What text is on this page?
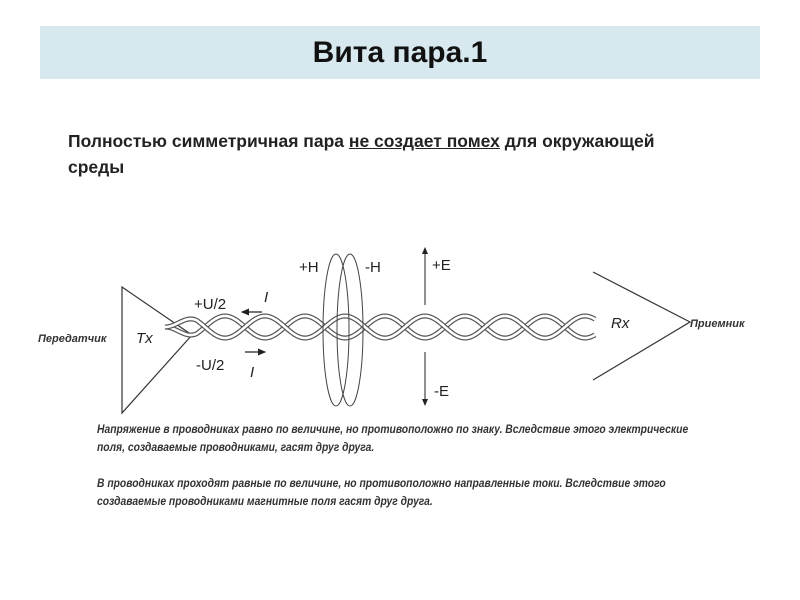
Вита пара.1
Полностью симметричная пара не создает помех для окружающей среды
Передатчик Tx
Приемник
Rx
+H	-H	+E
-E
+U/2
-U/2
I
I
Напряжение в проводниках равно по величине, но противоположно по знаку. Вследствие этого электрические поля, создаваемые проводниками, гасят друг друга.
В проводниках проходят равные по величине, но противоположно направленные токи. Вследствие этого создаваемые проводниками магнитные поля гасят друг друга.
